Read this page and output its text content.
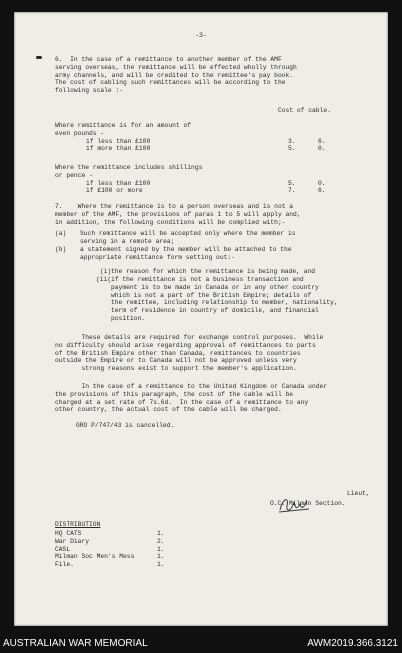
-3-
6.  In the case of a remittance to another member of the AMF
serving overseas, the remittance will be effected wholly through
army channels, and will be credited to the remittee's pay book.
The cost of cabling such remittances will be according to the
following scale :-
Cost of cable.
Where remittance is for an amount of
even pounds -
if less than £100	3.	6.
if more than £100	5.	0.
Where the remittance includes shillings
or pence -
if less than £100	5.	0.
if £100 or more	7.	6.
7.    Where the remittance is to a person overseas and is not a
member of the AMF, the provisions of paras 1 to 5 will apply and,
in addition, the following conditions will be complied with;-
(a) Such remittance will be accepted only where the member is
serving in a remote area;
(b) a statement signed by the member will be attached to the
appropriate remittance form setting out:-
(i) the reason for which the remittance is being made, and
(ii( if the remittance is not a business transaction and
payment is to be made in Canada or in any other country
which is not a part of the British Empire; details of
the remittee, including relationship to member, nationality,
term of residence in country of domicile, and financial
position.
These details are required for exchange control purposes.  While
no difficulty should arise regarding approval of remittances to parts
of the British Empire other than Canada, remittances to countries
outside the Empire or to Canada will not be approved unless very
strong reasons exist to support the member's application.
In the case of a remittance to the United Kingdom or Canada under
the provisions of this paragraph, the cost of the cable will be
charged at a set rate of 7s.6d.  In the case of a remittance to any
other country, the actual cost of the cable will be charged.
GRO P/747/43 is cancelled.
Lieut,
O.C. Milman Section.
DISTRIBUTION
HQ CATS	1.
War Diary	2.
CASL	1.
Milman Soc Men's Mess	1.
File.	1.
AUSTRALIAN WAR MEMORIAL	AWM2019.366.3121
